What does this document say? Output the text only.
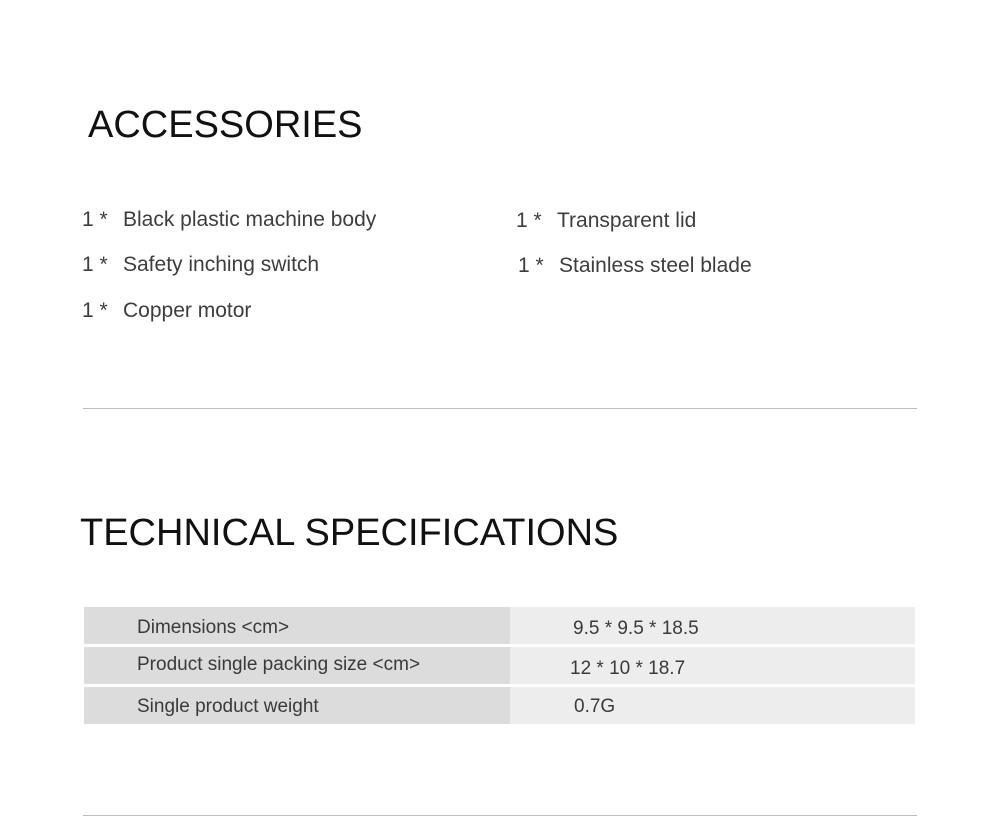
ACCESSORIES
1 * Black plastic machine body
1 * Safety inching switch
1 * Copper motor
1 * Transparent lid
1 * Stainless steel blade
TECHNICAL SPECIFICATIONS
Dimensions <cm>	9.5 * 9.5 * 18.5
Product single packing size <cm>	12 * 10 * 18.7
Single product weight	0.7G
